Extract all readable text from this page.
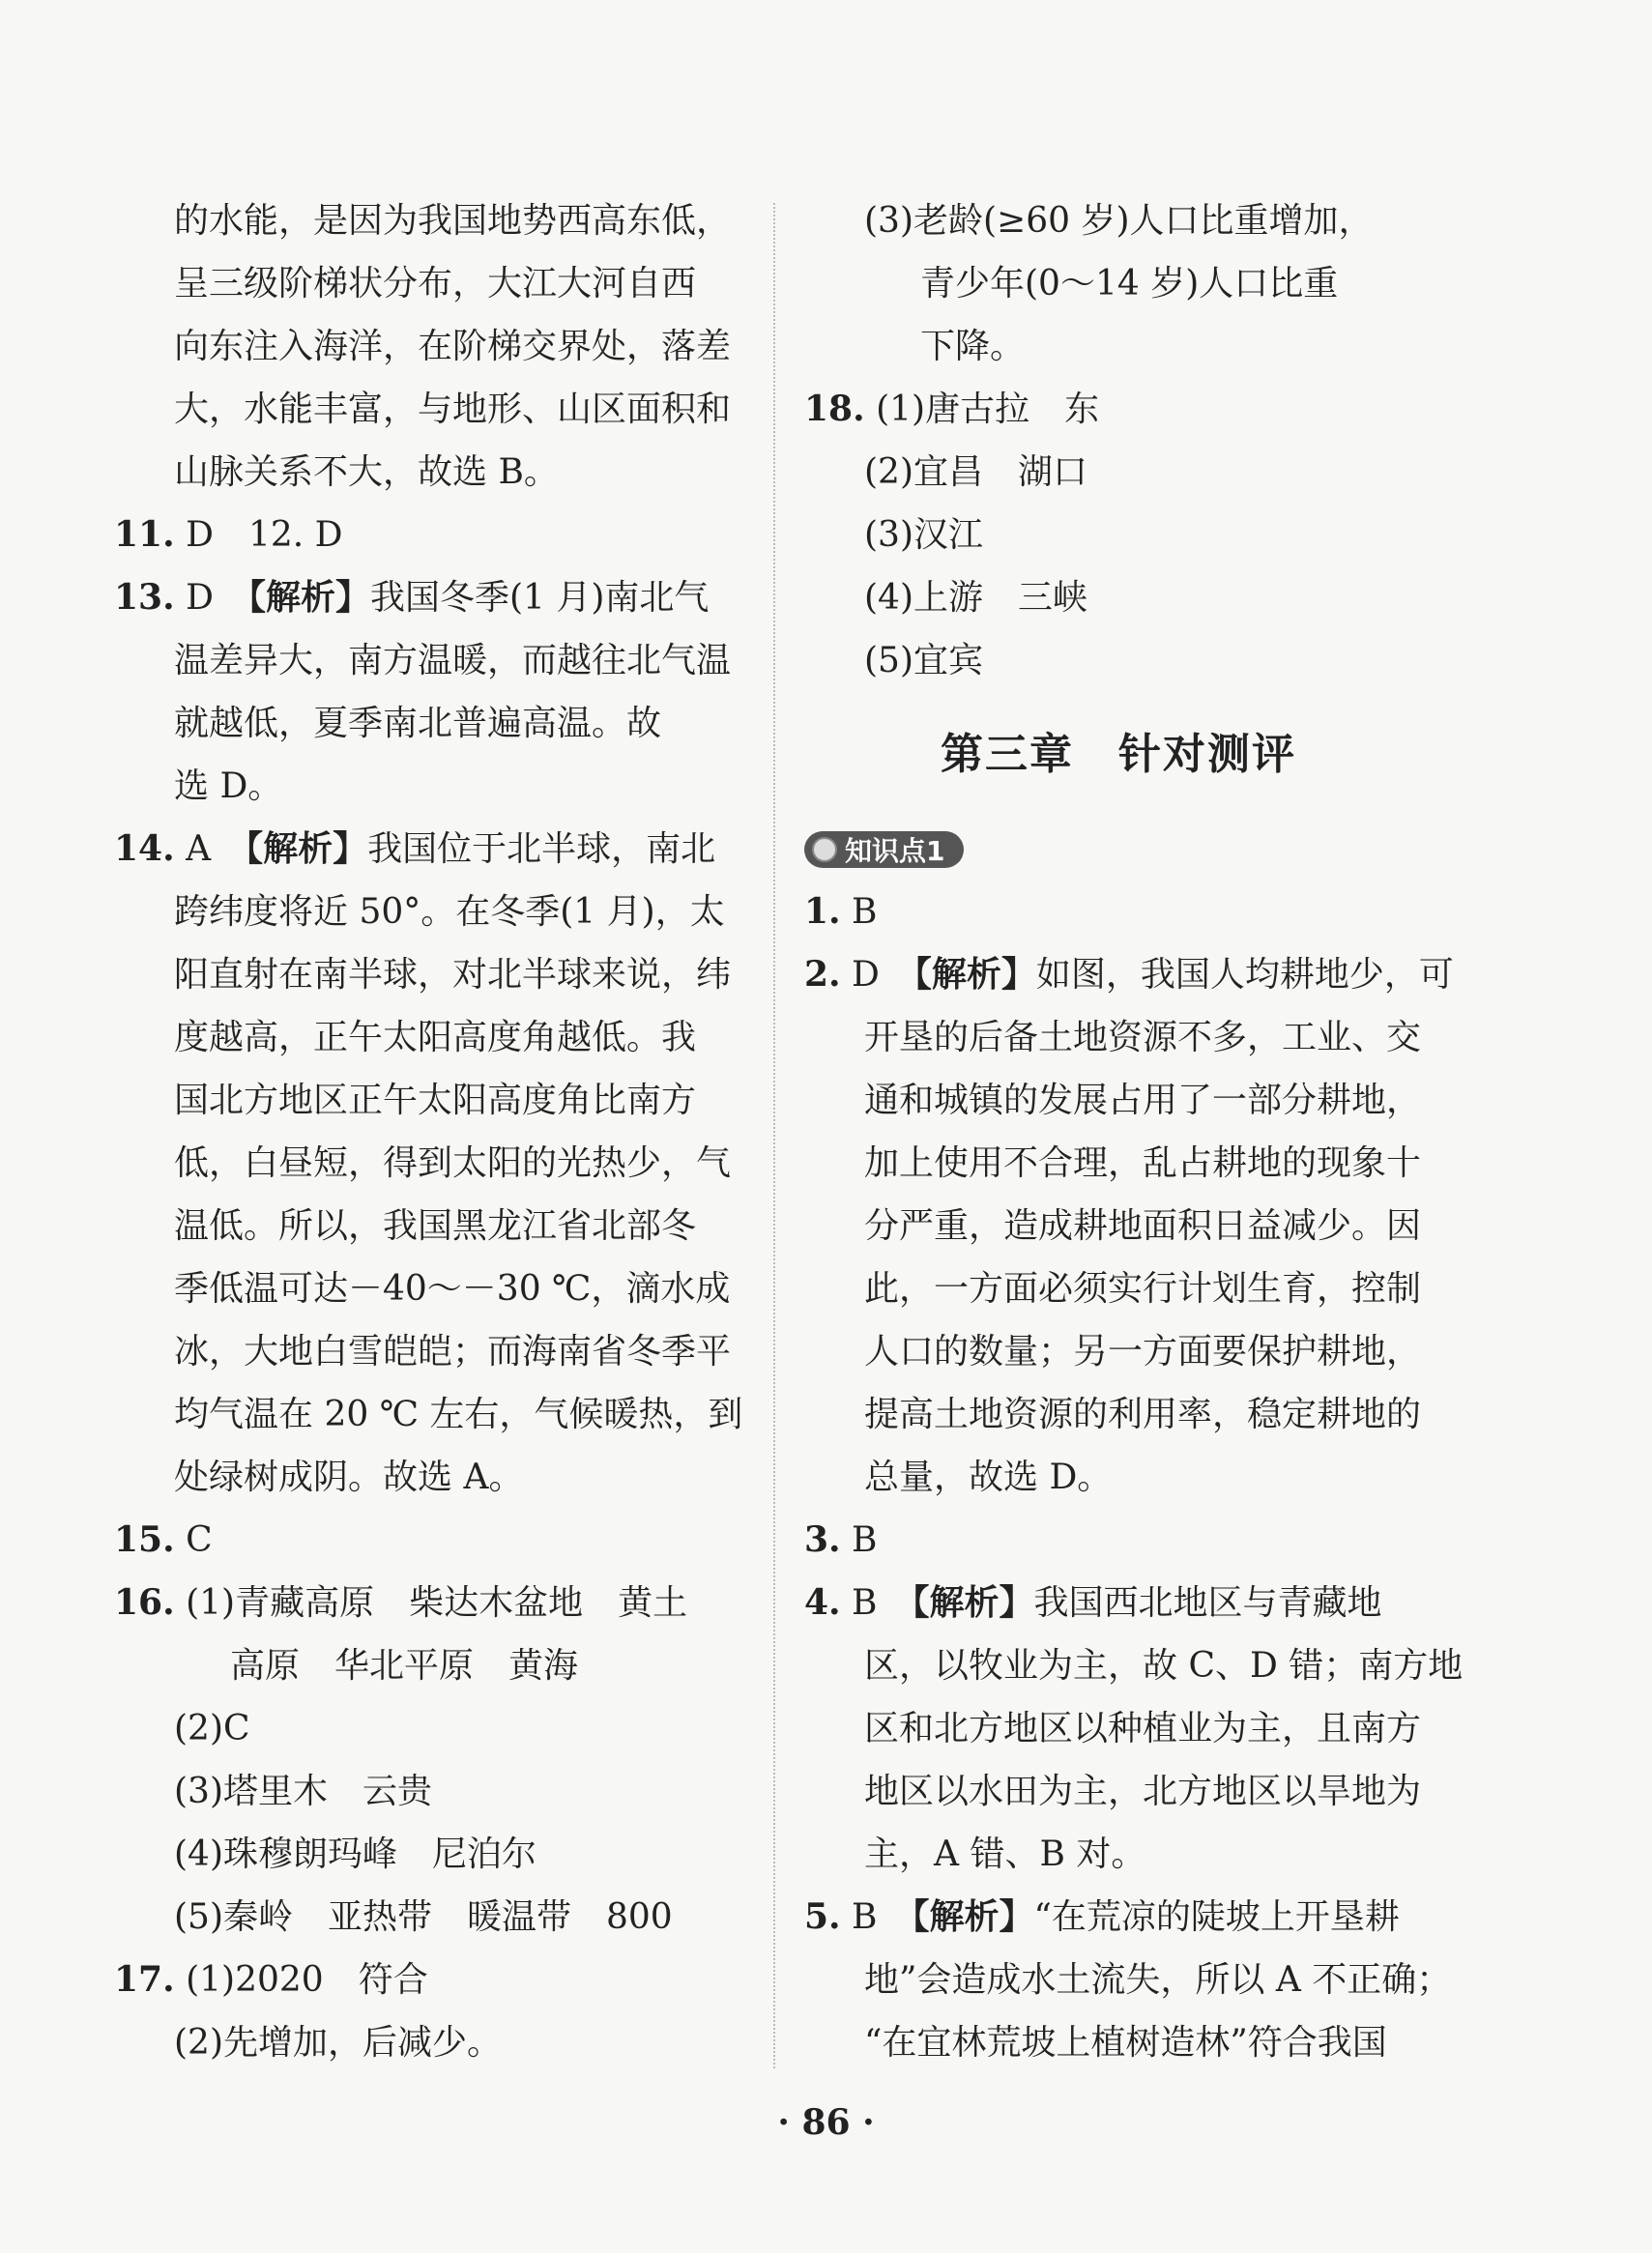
的水能，是因为我国地势西高东低，
呈三级阶梯状分布，大江大河自西
向东注入海洋，在阶梯交界处，落差
大，水能丰富，与地形、山区面积和
山脉关系不大，故选 B。
11. D　12. D
13. D　【解析】我国冬季(1 月)南北气
温差异大，南方温暖，而越往北气温
就越低，夏季南北普遍高温。故
选 D。
14. A　【解析】我国位于北半球，南北
跨纬度将近 50°。在冬季(1 月)，太
阳直射在南半球，对北半球来说，纬
度越高，正午太阳高度角越低。我
国北方地区正午太阳高度角比南方
低，白昼短，得到太阳的光热少，气
温低。所以，我国黑龙江省北部冬
季低温可达－40～－30 ℃，滴水成
冰，大地白雪皑皑；而海南省冬季平
均气温在 20 ℃ 左右，气候暖热，到
处绿树成阴。故选 A。
15. C
16. (1)青藏高原　柴达木盆地　黄土
高原　华北平原　黄海
(2)C
(3)塔里木　云贵
(4)珠穆朗玛峰　尼泊尔
(5)秦岭　亚热带　暖温带　800
17. (1)2020　符合
(2)先增加，后减少。
(3)老龄(≥60 岁)人口比重增加，
青少年(0～14 岁)人口比重
下降。
18. (1)唐古拉　东
(2)宜昌　湖口
(3)汉江
(4)上游　三峡
(5)宜宾
第三章　针对测评
知识点1
1. B
2. D　【解析】如图，我国人均耕地少，可
开垦的后备土地资源不多，工业、交
通和城镇的发展占用了一部分耕地，
加上使用不合理，乱占耕地的现象十
分严重，造成耕地面积日益减少。因
此，一方面必须实行计划生育，控制
人口的数量；另一方面要保护耕地，
提高土地资源的利用率，稳定耕地的
总量，故选 D。
3. B
4. B　【解析】我国西北地区与青藏地
区，以牧业为主，故 C、D 错；南方地
区和北方地区以种植业为主，且南方
地区以水田为主，北方地区以旱地为
主，A 错、B 对。
5. B　【解析】“在荒凉的陡坡上开垦耕
地”会造成水土流失，所以 A 不正确；
“在宜林荒坡上植树造林”符合我国
· 86 ·
